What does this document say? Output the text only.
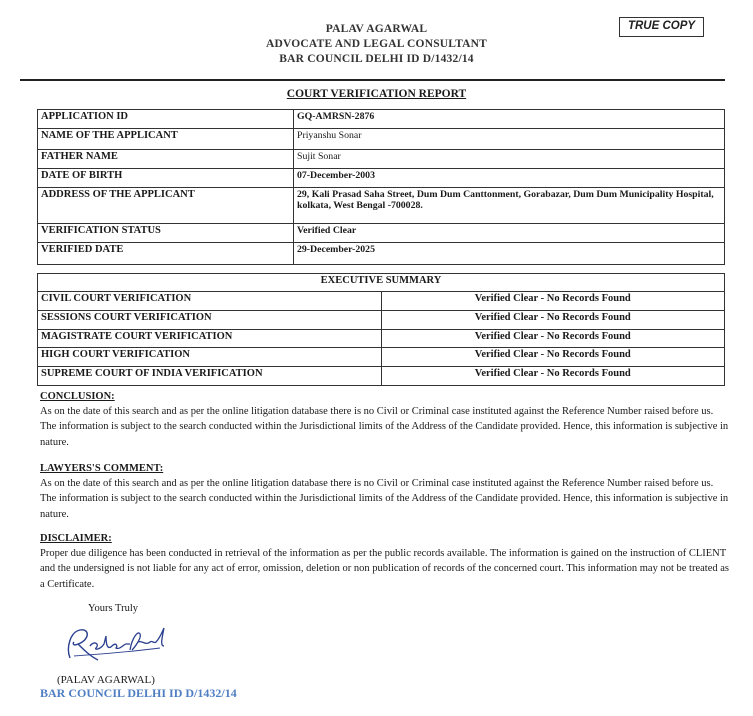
PALAV AGARWAL
ADVOCATE AND LEGAL CONSULTANT
BAR COUNCIL DELHI ID D/1432/14
TRUE COPY
COURT VERIFICATION REPORT
APPLICATION ID	GQ-AMRSN-2876
NAME OF THE APPLICANT	Priyanshu Sonar
FATHER NAME	Sujit Sonar
DATE OF BIRTH	07-December-2003
ADDRESS OF THE APPLICANT	29, Kali Prasad Saha Street, Dum Dum Canttonment, Gorabazar, Dum Dum Municipality Hospital, kolkata, West Bengal -700028.
VERIFICATION STATUS	Verified Clear
VERIFIED DATE	29-December-2025
EXECUTIVE SUMMARY	
CIVIL COURT VERIFICATION	Verified Clear - No Records Found
SESSIONS COURT VERIFICATION	Verified Clear - No Records Found
MAGISTRATE COURT VERIFICATION	Verified Clear - No Records Found
HIGH COURT VERIFICATION	Verified Clear - No Records Found
SUPREME COURT OF INDIA VERIFICATION	Verified Clear - No Records Found
CONCLUSION:
As on the date of this search and as per the online litigation database there is no Civil or Criminal case instituted against the Reference Number raised before us. The information is subject to the search conducted within the Jurisdictional limits of the Address of the Candidate provided. Hence, this information is subjective in nature.
LAWYERS'S COMMENT:
As on the date of this search and as per the online litigation database there is no Civil or Criminal case instituted against the Reference Number raised before us. The information is subject to the search conducted within the Jurisdictional limits of the Address of the Candidate provided. Hence, this information is subjective in nature.
DISCLAIMER:
Proper due diligence has been conducted in retrieval of the information as per the public records available. The information is gained on the instruction of CLIENT and the undersigned is not liable for any act of error, omission, deletion or non publication of records of the concerned court. This information may not be treated as a Certificate.
Yours Truly
(PALAV AGARWAL)
BAR COUNCIL DELHI ID D/1432/14
